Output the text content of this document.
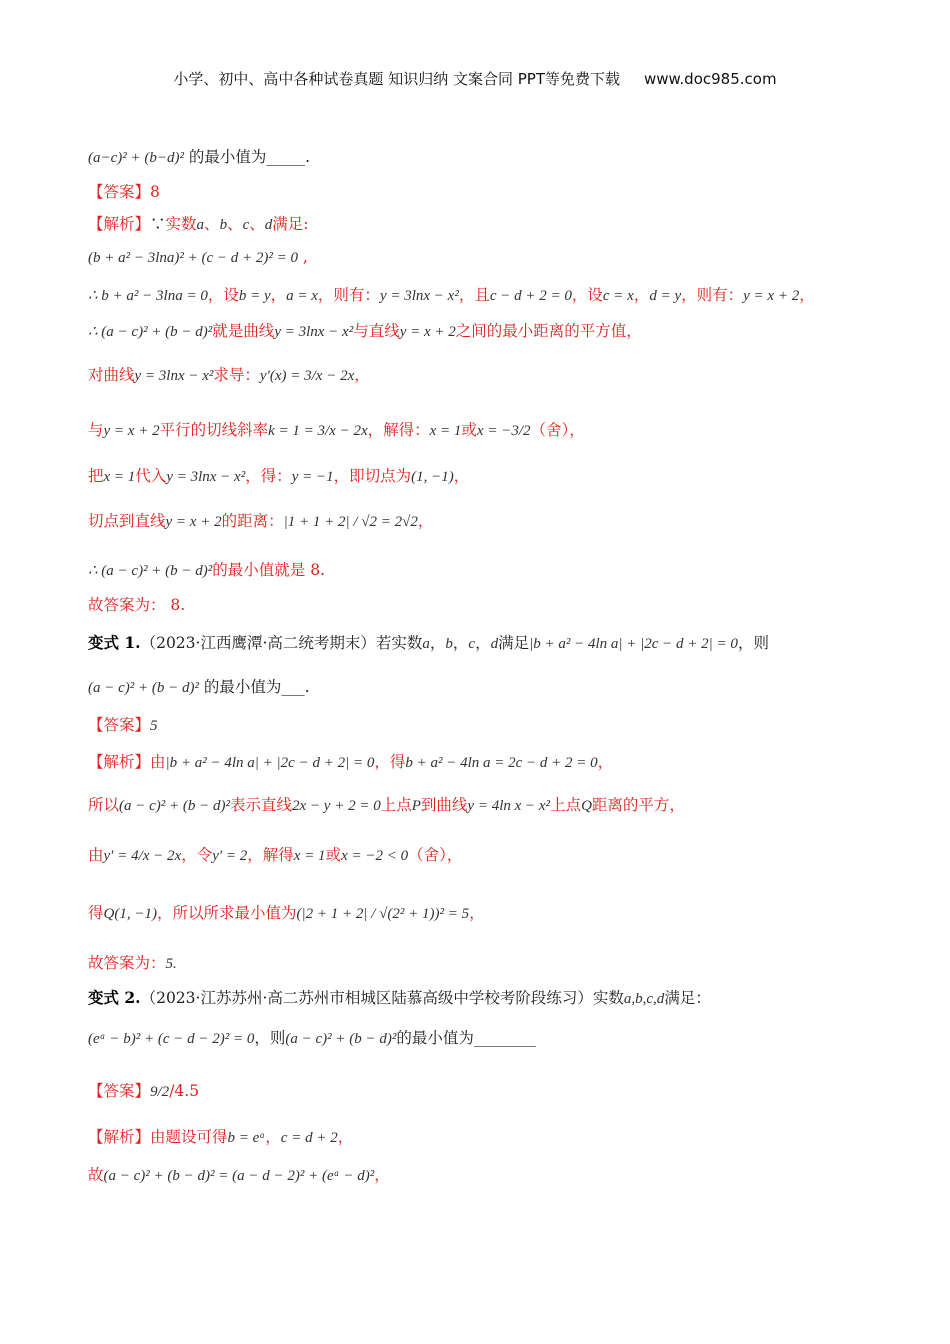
小学、初中、高中各种试卷真题 知识归纳 文案合同 PPT等免费下载 www.doc985.com
(a−c)² + (b−d)² 的最小值为_____.
【答案】8
【解析】∵实数a、b、c、d满足:
(b + a² − 3lna)² + (c − d + 2)² = 0 ,
∴ b + a² − 3lna = 0，设b = y，a = x，则有：y = 3lnx − x²，且c − d + 2 = 0，设c = x，d = y，则有：y = x + 2，
∴ (a − c)² + (b − d)²就是曲线y = 3lnx − x²与直线y = x + 2之间的最小距离的平方值，
对曲线y = 3lnx − x²求导：y′(x) = 3/x − 2x，
与y = x + 2平行的切线斜率k = 1 = 3/x − 2x，解得：x = 1或x = −3/2（舍），
把x = 1代入y = 3lnx − x²，得：y = −1，即切点为(1, −1)，
切点到直线y = x + 2的距离：|1 + 1 + 2| / √2 = 2√2，
∴ (a − c)² + (b − d)²的最小值就是 8.
故答案为： 8.
变式 1.（2023·江西鹰潭·高二统考期末）若实数a，b，c，d满足|b + a² − 4ln a| + |2c − d + 2| = 0，则
(a − c)² + (b − d)² 的最小值为___.
【答案】5
【解析】由|b + a² − 4ln a| + |2c − d + 2| = 0，得b + a² − 4ln a = 2c − d + 2 = 0，
所以(a − c)² + (b − d)²表示直线2x − y + 2 = 0上点P到曲线y = 4ln x − x²上点Q距离的平方，
由y′ = 4/x − 2x，令y′ = 2，解得x = 1或x = −2 < 0（舍），
得Q(1, −1)，所以所求最小值为(|2 + 1 + 2| / √(2² + 1))² = 5，
故答案为：5.
变式 2.（2023·江苏苏州·高二苏州市相城区陆慕高级中学校考阶段练习）实数a,b,c,d满足：
(eᵃ − b)² + (c − d − 2)² = 0，则(a − c)² + (b − d)²的最小值为________
【答案】9/2/4.5
【解析】由题设可得b = eᵃ，c = d + 2，
故(a − c)² + (b − d)² = (a − d − 2)² + (eᵃ − d)²，
